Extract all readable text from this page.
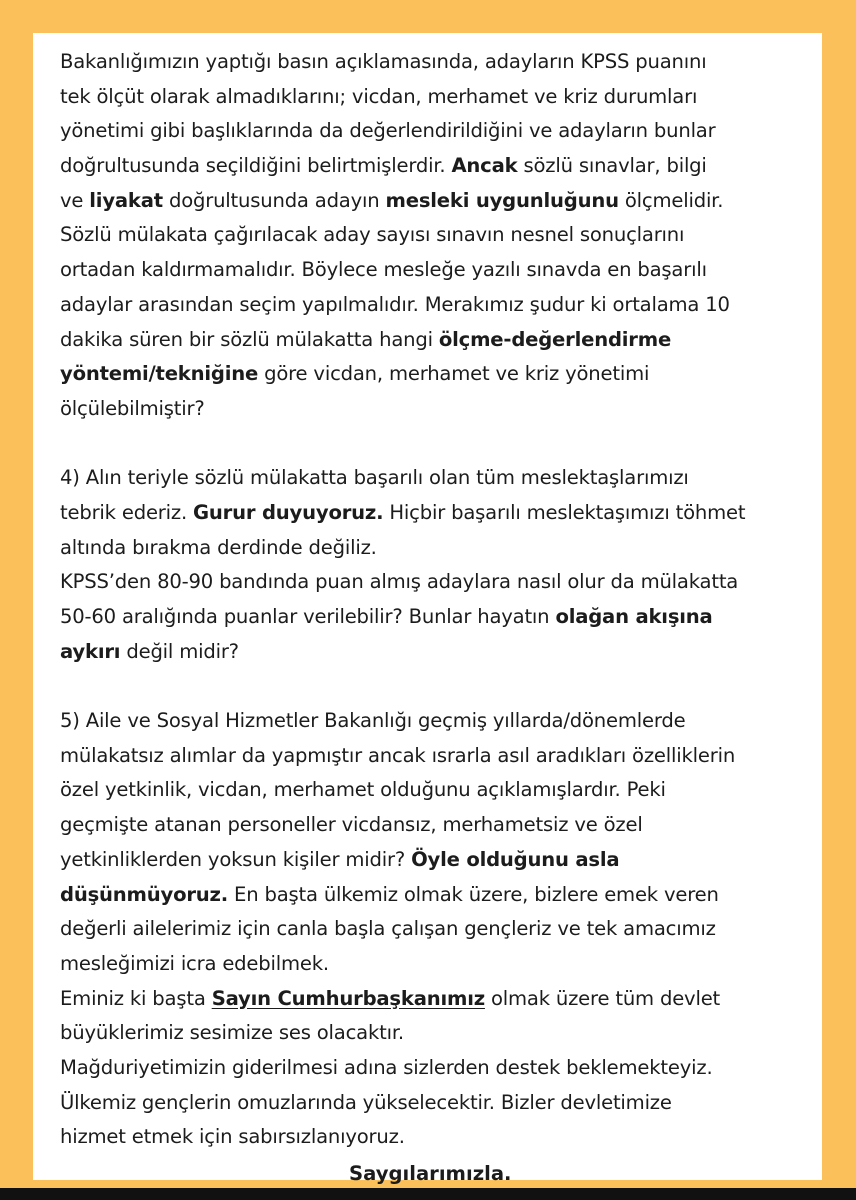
Bakanlığımızın yaptığı basın açıklamasında, adayların KPSS puanını
tek ölçüt olarak almadıklarını; vicdan, merhamet ve kriz durumları
yönetimi gibi başlıklarında da değerlendirildiğini ve adayların bunlar
doğrultusunda seçildiğini belirtmişlerdir. Ancak sözlü sınavlar, bilgi
ve liyakat doğrultusunda adayın mesleki uygunluğunu ölçmelidir.
Sözlü mülakata çağırılacak aday sayısı sınavın nesnel sonuçlarını
ortadan kaldırmamalıdır. Böylece mesleğe yazılı sınavda en başarılı
adaylar arasından seçim yapılmalıdır. Merakımız şudur ki ortalama 10
dakika süren bir sözlü mülakatta hangi ölçme-değerlendirme
yöntemi/tekniğine göre vicdan, merhamet ve kriz yönetimi
ölçülebilmiştir?
4) Alın teriyle sözlü mülakatta başarılı olan tüm meslektaşlarımızı
tebrik ederiz. Gurur duyuyoruz. Hiçbir başarılı meslektaşımızı töhmet
altında bırakma derdinde değiliz.
KPSS’den 80-90 bandında puan almış adaylara nasıl olur da mülakatta
50-60 aralığında puanlar verilebilir? Bunlar hayatın olağan akışına
aykırı değil midir?
5) Aile ve Sosyal Hizmetler Bakanlığı geçmiş yıllarda/dönemlerde
mülakatsız alımlar da yapmıştır ancak ısrarla asıl aradıkları özelliklerin
özel yetkinlik, vicdan, merhamet olduğunu açıklamışlardır. Peki
geçmişte atanan personeller vicdansız, merhametsiz ve özel
yetkinliklerden yoksun kişiler midir? Öyle olduğunu asla
düşünmüyoruz. En başta ülkemiz olmak üzere, bizlere emek veren
değerli ailelerimiz için canla başla çalışan gençleriz ve tek amacımız
mesleğimizi icra edebilmek.
Eminiz ki başta Sayın Cumhurbaşkanımız olmak üzere tüm devlet
büyüklerimiz sesimize ses olacaktır.
Mağduriyetimizin giderilmesi adına sizlerden destek beklemekteyiz.
Ülkemiz gençlerin omuzlarında yükselecektir. Bizler devletimize
hizmet etmek için sabırsızlanıyoruz.
Saygılarımızla.
